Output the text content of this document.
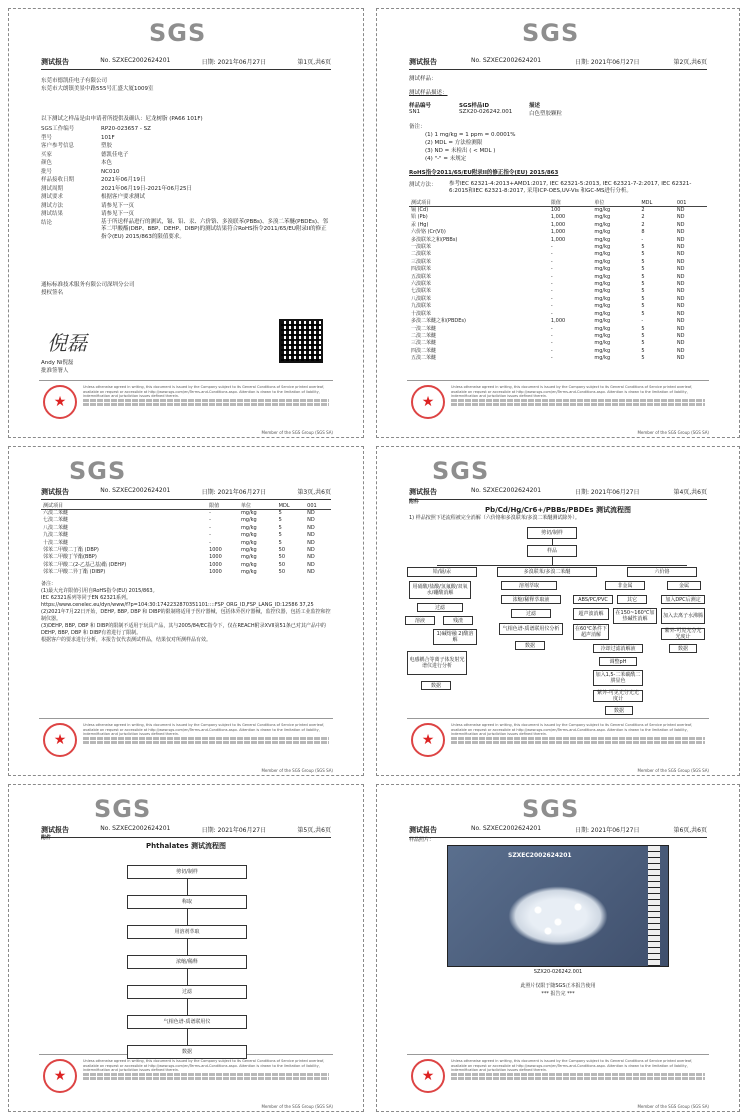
SGS
测试报告	No. SZXEC2002624201	日期: 2021年06月27日	第1页,共6页
东莞市德凯佳电子有限公司
东莞市大朗镇美景中路555号汇盛大厦1009室
以下测试之样品是由申请者所提供及确认：尼龙树脂 (PA66 101F)
SGS工作编号	RP20-023657 - SZ
型号	101F
客户参考信息	塑胶
买家	德凯佳电子
颜色	本色
批号	NC010
样品接收日期	2021年06月19日
测试周期	2021年06月19日-2021年06月25日
测试要求	根据客户要求测试
测试方法	请参见下一页
测试结果	请参见下一页
结论	基于所送样品进行的测试，镉、铅、汞、六价铬、多溴联苯(PBBs)、多溴二苯醚(PBDEs)、邻苯二甲酸酯(DBP、BBP、DEHP、DIBP)的测试结果符合RoHS指令2011/65/EU附录II的修正指令(EU) 2015/863的限值要求。
通标标准技术服务有限公司深圳分公司
授权签名
倪磊
Andy Ni倪磊
批准签署人
★
Unless otherwise agreed in writing, this document is issued by the Company subject to its General Conditions of Service printed overleaf, available on request or accessible at http://www.sgs.com/en/Terms-and-Conditions.aspx. Attention is drawn to the limitation of liability, indemnification and jurisdiction issues defined therein.
Member of the SGS Group (SGS SA)
SGS
测试报告	No. SZXEC2002624201	日期: 2021年06月27日	第2页,共6页
测试样品：
测试样品描述：
样品编号	SGS样品ID	描述
SN1	SZX20-026242.001	白色塑胶颗粒
备注：
(1) 1 mg/kg = 1 ppm = 0.0001%
(2) MDL = 方法检测限
(3) ND = 未检出 ( < MDL )
(4) "-" = 未规定
RoHS指令2011/65/EU附录II的修正指令(EU) 2015/863
测试方法：	参考IEC 62321-4:2013+AMD1:2017, IEC 62321-5:2013, IEC 62321-7-2:2017, IEC 62321-6:2015和IEC 62321-8:2017, 采用ICP-OES,UV-Vis 和GC-MS进行分析。
测试项目	限值	单位	MDL	001
镉 (Cd)	100	mg/kg	2	ND
铅 (Pb)	1,000	mg/kg	2	ND
汞 (Hg)	1,000	mg/kg	2	ND
六价铬 (Cr(VI))	1,000	mg/kg	8	ND
多溴联苯之和(PBBs)	1,000	mg/kg	-	ND
一溴联苯	-	mg/kg	5	ND
二溴联苯	-	mg/kg	5	ND
三溴联苯	-	mg/kg	5	ND
四溴联苯	-	mg/kg	5	ND
五溴联苯	-	mg/kg	5	ND
六溴联苯	-	mg/kg	5	ND
七溴联苯	-	mg/kg	5	ND
八溴联苯	-	mg/kg	5	ND
九溴联苯	-	mg/kg	5	ND
十溴联苯	-	mg/kg	5	ND
多溴二苯醚之和(PBDEs)	1,000	mg/kg	-	ND
一溴二苯醚	-	mg/kg	5	ND
二溴二苯醚	-	mg/kg	5	ND
三溴二苯醚	-	mg/kg	5	ND
四溴二苯醚	-	mg/kg	5	ND
五溴二苯醚	-	mg/kg	5	ND
★
Unless otherwise agreed in writing, this document is issued by the Company subject to its General Conditions of Service printed overleaf, available on request or accessible at http://www.sgs.com/en/Terms-and-Conditions.aspx. Attention is drawn to the limitation of liability, indemnification and jurisdiction issues defined therein.
Member of the SGS Group (SGS SA)
SGS
测试报告	No. SZXEC2002624201	日期: 2021年06月27日	第3页,共6页
测试项目	限值	单位	MDL	001
六溴二苯醚	-	mg/kg	5	ND
七溴二苯醚	-	mg/kg	5	ND
八溴二苯醚	-	mg/kg	5	ND
九溴二苯醚	-	mg/kg	5	ND
十溴二苯醚	-	mg/kg	5	ND
邻苯二甲酸二丁酯 (DBP)	1000	mg/kg	50	ND
邻苯二甲酸丁苄酯(BBP)	1000	mg/kg	50	ND
邻苯二甲酸二(2-乙基己基)酯 (DEHP)	1000	mg/kg	50	ND
邻苯二甲酸二异丁酯 (DIBP)	1000	mg/kg	50	ND
备注：
(1)最大允许限值引用自RoHS指令(EU) 2015/863。
IEC 62321系列等同于EN 62321系列。
https://www.cenelec.eu/dyn/www/f?p=104:30:1742232870351101::::FSP_ORG_ID,FSP_LANG_ID:12586 37,25
(2)2021年7月22日开始，DEHP, BBP, DBP 和 DIBP的限制将适用于医疗器械，包括体外医疗器械，监控仪器，包括工业监控和控制仪器。
(3)DEHP, BBP, DBP 和 DIBP的限制不适用于玩具产品，其与2005/84/EC指令下，仅在REACH附录XVII第51条已对其产品中的DEHP, BBP, DBP 和 DIBP有着进行了限制。
根据客户的要求进行分析，本报告仅代表测试样品，结果仅对所测样品有效。
★
Unless otherwise agreed in writing, this document is issued by the Company subject to its General Conditions of Service printed overleaf, available on request or accessible at http://www.sgs.com/en/Terms-and-Conditions.aspx. Attention is drawn to the limitation of liability, indemnification and jurisdiction issues defined therein.
Member of the SGS Group (SGS SA)
SGS
测试报告	No. SZXEC2002624201	日期: 2021年06月27日	第4页,共6页
附件
Pb/Cd/Hg/Cr6+/PBBs/PBDEs 测试流程图
1) 样品按照下述流程被完全消解（六价铬和多溴联苯/多溴二苯醚测试除外）。
剪切/制样
样品
铅/镉/汞	多溴联苯/多溴二苯醚	六价铬
用硝酸/盐酸/氢氟酸/双氧水/硼酸消解
过滤
溶液	残渣
1)碱熔融 2)酸溶解
电感耦合等离子体发射光谱仪进行分析
数据
溶剂萃取
浓缩/稀释萃取液
过滤
气相色谱-质谱联用仪分析
数据
非金属	金属
ABS/PC/PVC	其它	加入DPC后测定
超声波消解	在150~160℃加热碱性消解	加入去离子水沸腾
在60℃条件下超声消解
紫外-可见光分光光度计
数据
冷却过滤消解液
调整pH
加入1,5-二苯碳酰二肼显色
紫外-可见光分光光度计
数据
★
Unless otherwise agreed in writing, this document is issued by the Company subject to its General Conditions of Service printed overleaf, available on request or accessible at http://www.sgs.com/en/Terms-and-Conditions.aspx. Attention is drawn to the limitation of liability, indemnification and jurisdiction issues defined therein.
Member of the SGS Group (SGS SA)
SGS
测试报告	No. SZXEC2002624201	日期: 2021年06月27日	第5页,共6页
附件
Phthalates 测试流程图
★
Unless otherwise agreed in writing, this document is issued by the Company subject to its General Conditions of Service printed overleaf, available on request or accessible at http://www.sgs.com/en/Terms-and-Conditions.aspx. Attention is drawn to the limitation of liability, indemnification and jurisdiction issues defined therein.
Member of the SGS Group (SGS SA)
剪切/制样
称取
用溶剂萃取
浓缩/稀释
过滤
气相色谱-质谱联用仪
数据
SGS
测试报告	No. SZXEC2002624201	日期: 2021年06月27日	第6页,共6页
样品照片：
SZXEC2002624201
SZX20-026242.001
此照片仅限于随SGS正本报告使用
*** 报告完 ***
★
Unless otherwise agreed in writing, this document is issued by the Company subject to its General Conditions of Service printed overleaf, available on request or accessible at http://www.sgs.com/en/Terms-and-Conditions.aspx. Attention is drawn to the limitation of liability, indemnification and jurisdiction issues defined therein.
Member of the SGS Group (SGS SA)
